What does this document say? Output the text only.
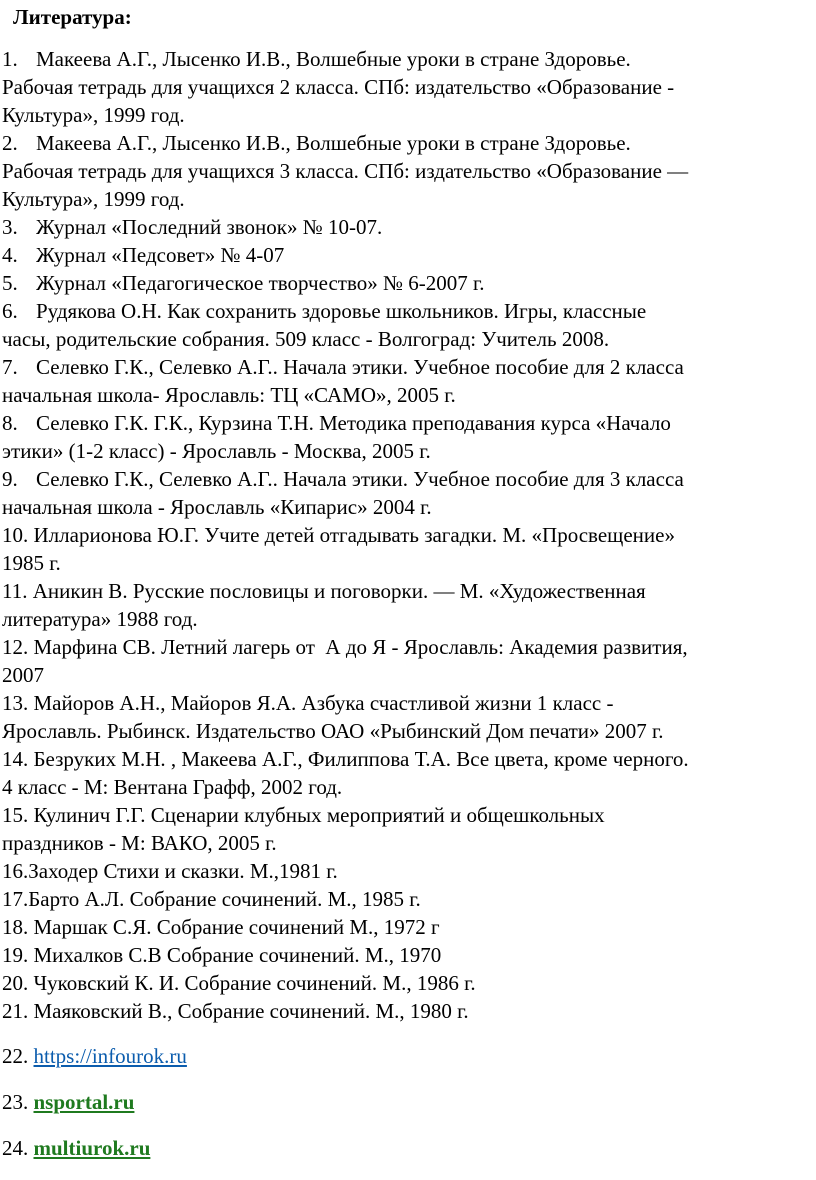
Литература:
1. Макеева А.Г., Лысенко И.В., Волшебные уроки в стране Здоровье.
Рабочая тетрадь для учащихся 2 класса. СПб: издательство «Образование -
Культура», 1999 год.
2. Макеева А.Г., Лысенко И.В., Волшебные уроки в стране Здоровье.
Рабочая тетрадь для учащихся 3 класса. СПб: издательство «Образование —
Культура», 1999 год.
3. Журнал «Последний звонок» № 10-07.
4. Журнал «Педсовет» № 4-07
5. Журнал «Педагогическое творчество» № 6-2007 г.
6. Рудякова О.Н. Как сохранить здоровье школьников. Игры, классные
часы, родительские собрания. 509 класс - Волгоград: Учитель 2008.
7. Селевко Г.К., Селевко А.Г.. Начала этики. Учебное пособие для 2 класса
начальная школа- Ярославль: ТЦ «САМО», 2005 г.
8. Селевко Г.К. Г.К., Курзина Т.Н. Методика преподавания курса «Начало
этики» (1-2 класс) - Ярославль - Москва, 2005 г.
9. Селевко Г.К., Селевко А.Г.. Начала этики. Учебное пособие для 3 класса
начальная школа - Ярославль «Кипарис» 2004 г.
10. Илларионова Ю.Г. Учите детей отгадывать загадки. М. «Просвещение»
1985 г.
11. Аникин В. Русские пословицы и поговорки. — М. «Художественная
литература» 1988 год.
12. Марфина СВ. Летний лагерь от  А до Я - Ярославль: Академия развития,
2007
13. Майоров А.Н., Майоров Я.А. Азбука счастливой жизни 1 класс -
Ярославль. Рыбинск. Издательство ОАО «Рыбинский Дом печати» 2007 г.
14. Безруких М.Н. , Макеева А.Г., Филиппова Т.А. Все цвета, кроме черного.
4 класс - М: Вентана Графф, 2002 год.
15. Кулинич Г.Г. Сценарии клубных мероприятий и общешкольных
праздников - М: ВАКО, 2005 г.
16.Заходер Стихи и сказки. М.,1981 г.
17.Барто А.Л. Собрание сочинений. М., 1985 г.
18. Маршак С.Я. Собрание сочинений М., 1972 г
19. Михалков С.В Собрание сочинений. М., 1970
20. Чуковский К. И. Собрание сочинений. М., 1986 г.
21. Маяковский В., Собрание сочинений. М., 1980 г.
22. https://infourok.ru
23. nsportal.ru
24. multiurok.ru
